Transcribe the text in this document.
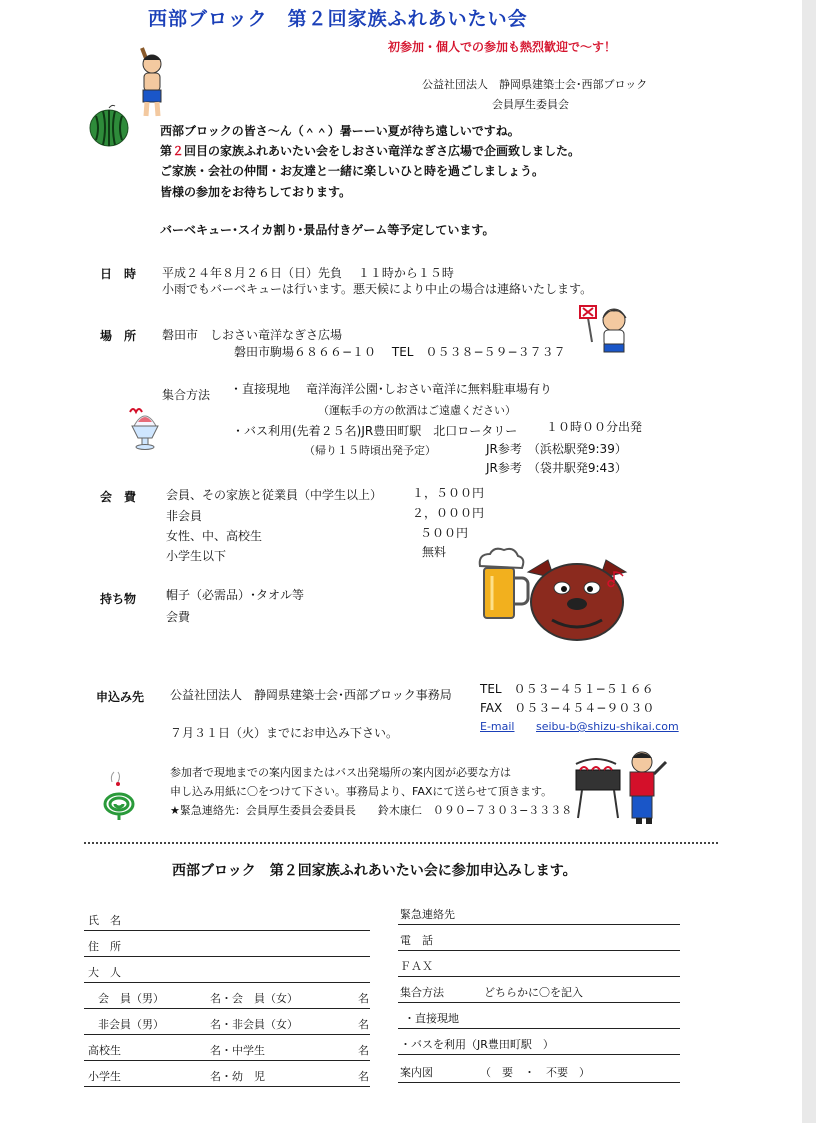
西部ブロック　第２回家族ふれあいたい会
初参加・個人での参加も熱烈歓迎で〜す！
公益社団法人　静岡県建築士会･西部ブロック
会員厚生委員会
西部ブロックの皆さ〜ん（＾＾）暑ーーい夏が待ち遠しいですね。
第２回目の家族ふれあいたい会をしおさい竜洋なぎさ広場で企画致しました。
ご家族・会社の仲間・お友達と一緒に楽しいひと時を過ごしましょう。
皆様の参加をお待ちしております。
バーベキュー･スイカ割り･景品付きゲーム等予定しています。
日　時 平成２４年８月２６日（日）先負　 １１時から１５時
小雨でもバーベキューは行います。悪天候により中止の場合は連絡いたします。
場　所 磐田市　しおさい竜洋なぎさ広場
磐田市駒場６８６６−１０　 TEL　０５３８−５９−３７３７
集合方法 ・直接現地　 竜洋海洋公園･しおさい竜洋に無料駐車場有り
（運転手の方の飲酒はご遠慮ください）
・バス利用(先着２５名)JR豊田町駅　北口ロータリー １０時００分出発
（帰り１５時頃出発予定）	JR参考　（浜松駅発9:39）
JR参考　（袋井駅発9:43）
会　費 会員、その家族と従業員（中学生以上） １，５００円
非会員	２，０００円
女性、中、高校生	５００円
小学生以下	無料
持ち物 帽子（必需品）･タオル等
会費
申込み先 公益社団法人　静岡県建築士会･西部ブロック事務局 TEL　０５３−４５１−５１６６
FAX　０５３−４５４−９０３０
７月３１日（火）までにお申込み下さい。	E-mail seibu-b@shizu-shikai.com
参加者で現地までの案内図またはバス出発場所の案内図が必要な方は
申し込み用紙に〇をつけて下さい。事務局より、FAXにて送らせて頂きます。
★緊急連絡先：会員厚生委員会委員長　　鈴木康仁　０９０−７３０３−３３３８
西部ブロック　第２回家族ふれあいたい会に参加申込みします。
氏　名
住　所
大　人
会　員（男）	名・会　員（女）	名
非会員（男）	名・非会員（女）	名
高校生	名・中学生	名
小学生	名・幼　児	名
緊急連絡先
電　話
ＦＡＸ
集合方法	どちらかに〇を記入
・直接現地
・バスを利用（JR豊田町駅　）
案内図	（　要　・　不要　）
